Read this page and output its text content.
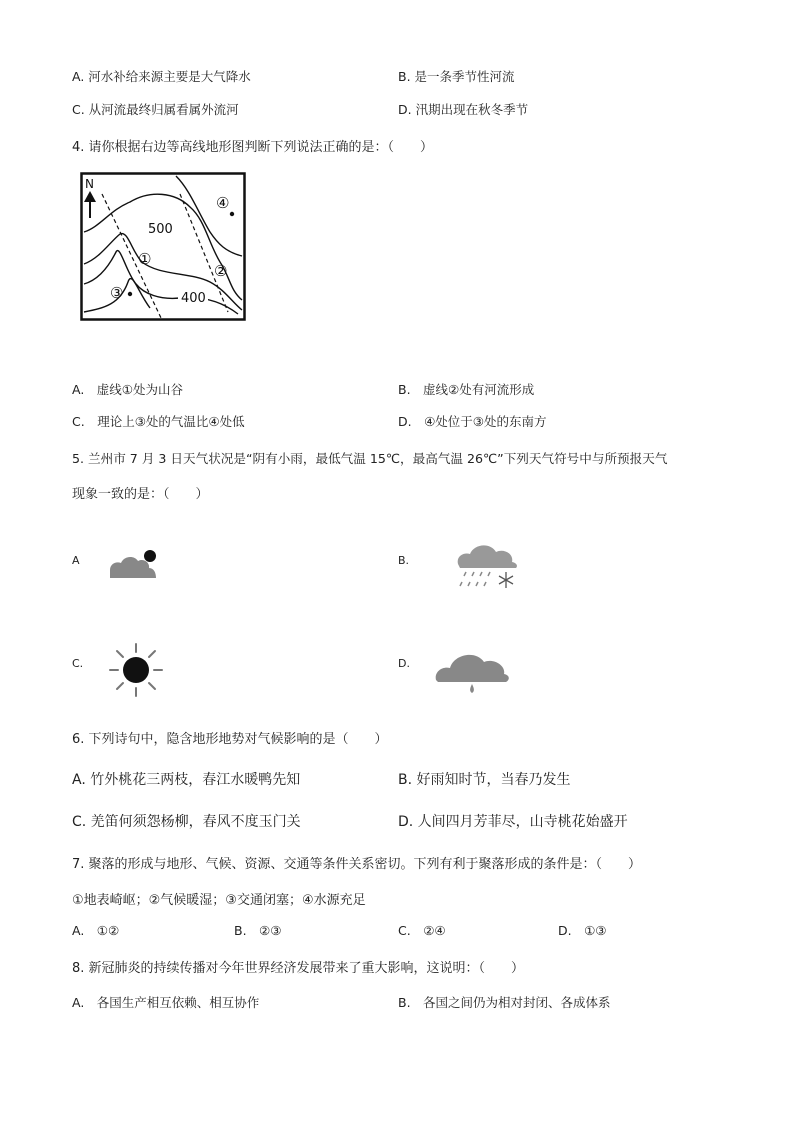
A. 河水补给来源主要是大气降水	B. 是一条季节性河流
C. 从河流最终归属看属外流河	D. 汛期出现在秋冬季节
4. 请你根据右边等高线地形图判断下列说法正确的是：（　　）
N
500
400
①
②
③
④
A.　虚线①处为山谷	B.　虚线②处有河流形成
C.　理论上③处的气温比④处低	D.　④处位于③处的东南方
5. 兰州市 7 月 3 日天气状况是“阴有小雨，最低气温 15℃，最高气温 26℃”下列天气符号中与所预报天气
现象一致的是：（　　）
A	B.
C.	D.
6. 下列诗句中，隐含地形地势对气候影响的是（　　）
A. 竹外桃花三两枝，春江水暖鸭先知	B. 好雨知时节，当春乃发生
C. 羌笛何须怨杨柳，春风不度玉门关	D. 人间四月芳菲尽，山寺桃花始盛开
7. 聚落的形成与地形、气候、资源、交通等条件关系密切。下列有利于聚落形成的条件是：（　　）
①地表崎岖；②气候暖湿；③交通闭塞；④水源充足
A.　①②	B.　②③	C.　②④	D.　①③
8. 新冠肺炎的持续传播对今年世界经济发展带来了重大影响，这说明：（　　）
A.　各国生产相互依赖、相互协作	B.　各国之间仍为相对封闭、各成体系
